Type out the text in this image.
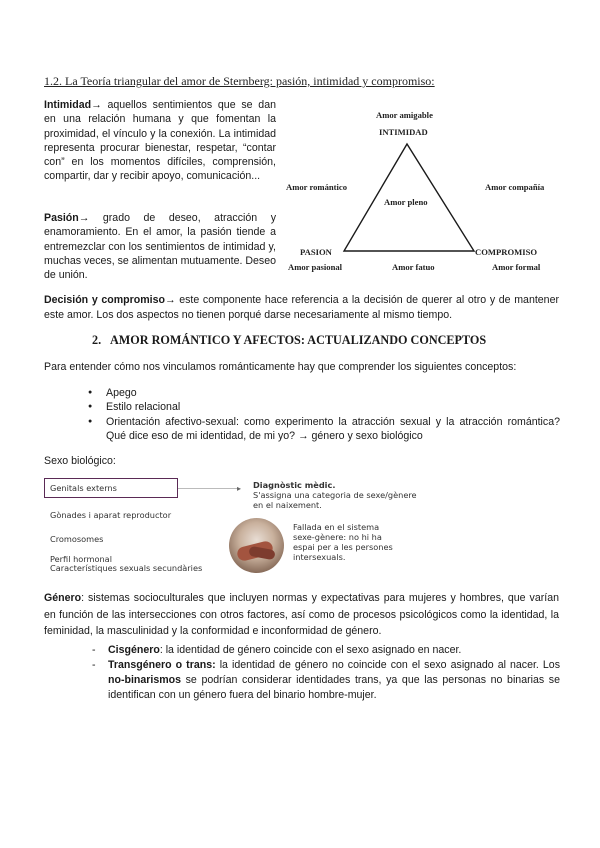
1.2. La Teoría triangular del amor de Sternberg: pasión, intimidad y compromiso:

Intimidad→ aquellos sentimientos que se dan en una relación humana y que fomentan la proximidad, el vínculo y la conexión. La intimidad representa procurar bienestar, respetar, “contar con” en los momentos difíciles, comprensión, compartir, dar y recibir apoyo, comunicación...

Pasión→ grado de deseo, atracción y enamoramiento. En el amor, la pasión tiende a entremezclar con los sentimientos de intimidad y, muchas veces, se alimentan mutuamente. Deseo de unión.

Amor amigable
INTIMIDAD
Amor romántico	Amor compañía
Amor pleno
PASION	COMPROMISO
Amor pasional	Amor fatuo	Amor formal

Decisión y compromiso→ este componente hace referencia a la decisión de querer al otro y de mantener este amor. Los dos aspectos no tienen porqué darse necesariamente al mismo tiempo.

2. AMOR ROMÁNTICO Y AFECTOS: ACTUALIZANDO CONCEPTOS

Para entender cómo nos vinculamos románticamente hay que comprender los siguientes conceptos:

● Apego
● Estilo relacional
● Orientación afectivo-sexual: como experimento la atracción sexual y la atracción romántica? Qué dice eso de mi identidad, de mi yo? → género y sexo biológico
Sexo biológico:
Genitals externs	▸
Gònades i aparat reproductor
Cromosomes
Perfil hormonal
Característiques sexuals secundàries
Diagnòstic mèdic.
S'assigna una categoria de sexe/gènere
en el naixement.
Fallada en el sistema
sexe-gènere: no hi ha
espai per a les persones
intersexuals.

Género: sistemas socioculturales que incluyen normas y expectativas para mujeres y hombres, que varían en función de las intersecciones con otros factores, así como de procesos psicológicos como la identidad, la feminidad, la masculinidad y la conformidad e inconformidad de género.

- Cisgénero: la identidad de género coincide con el sexo asignado en nacer.
- Transgénero o trans: la identidad de género no coincide con el sexo asignado al nacer. Los no-binarismos se podrían considerar identidades trans, ya que las personas no binarias se identifican con un género fuera del binario hombre-mujer.
